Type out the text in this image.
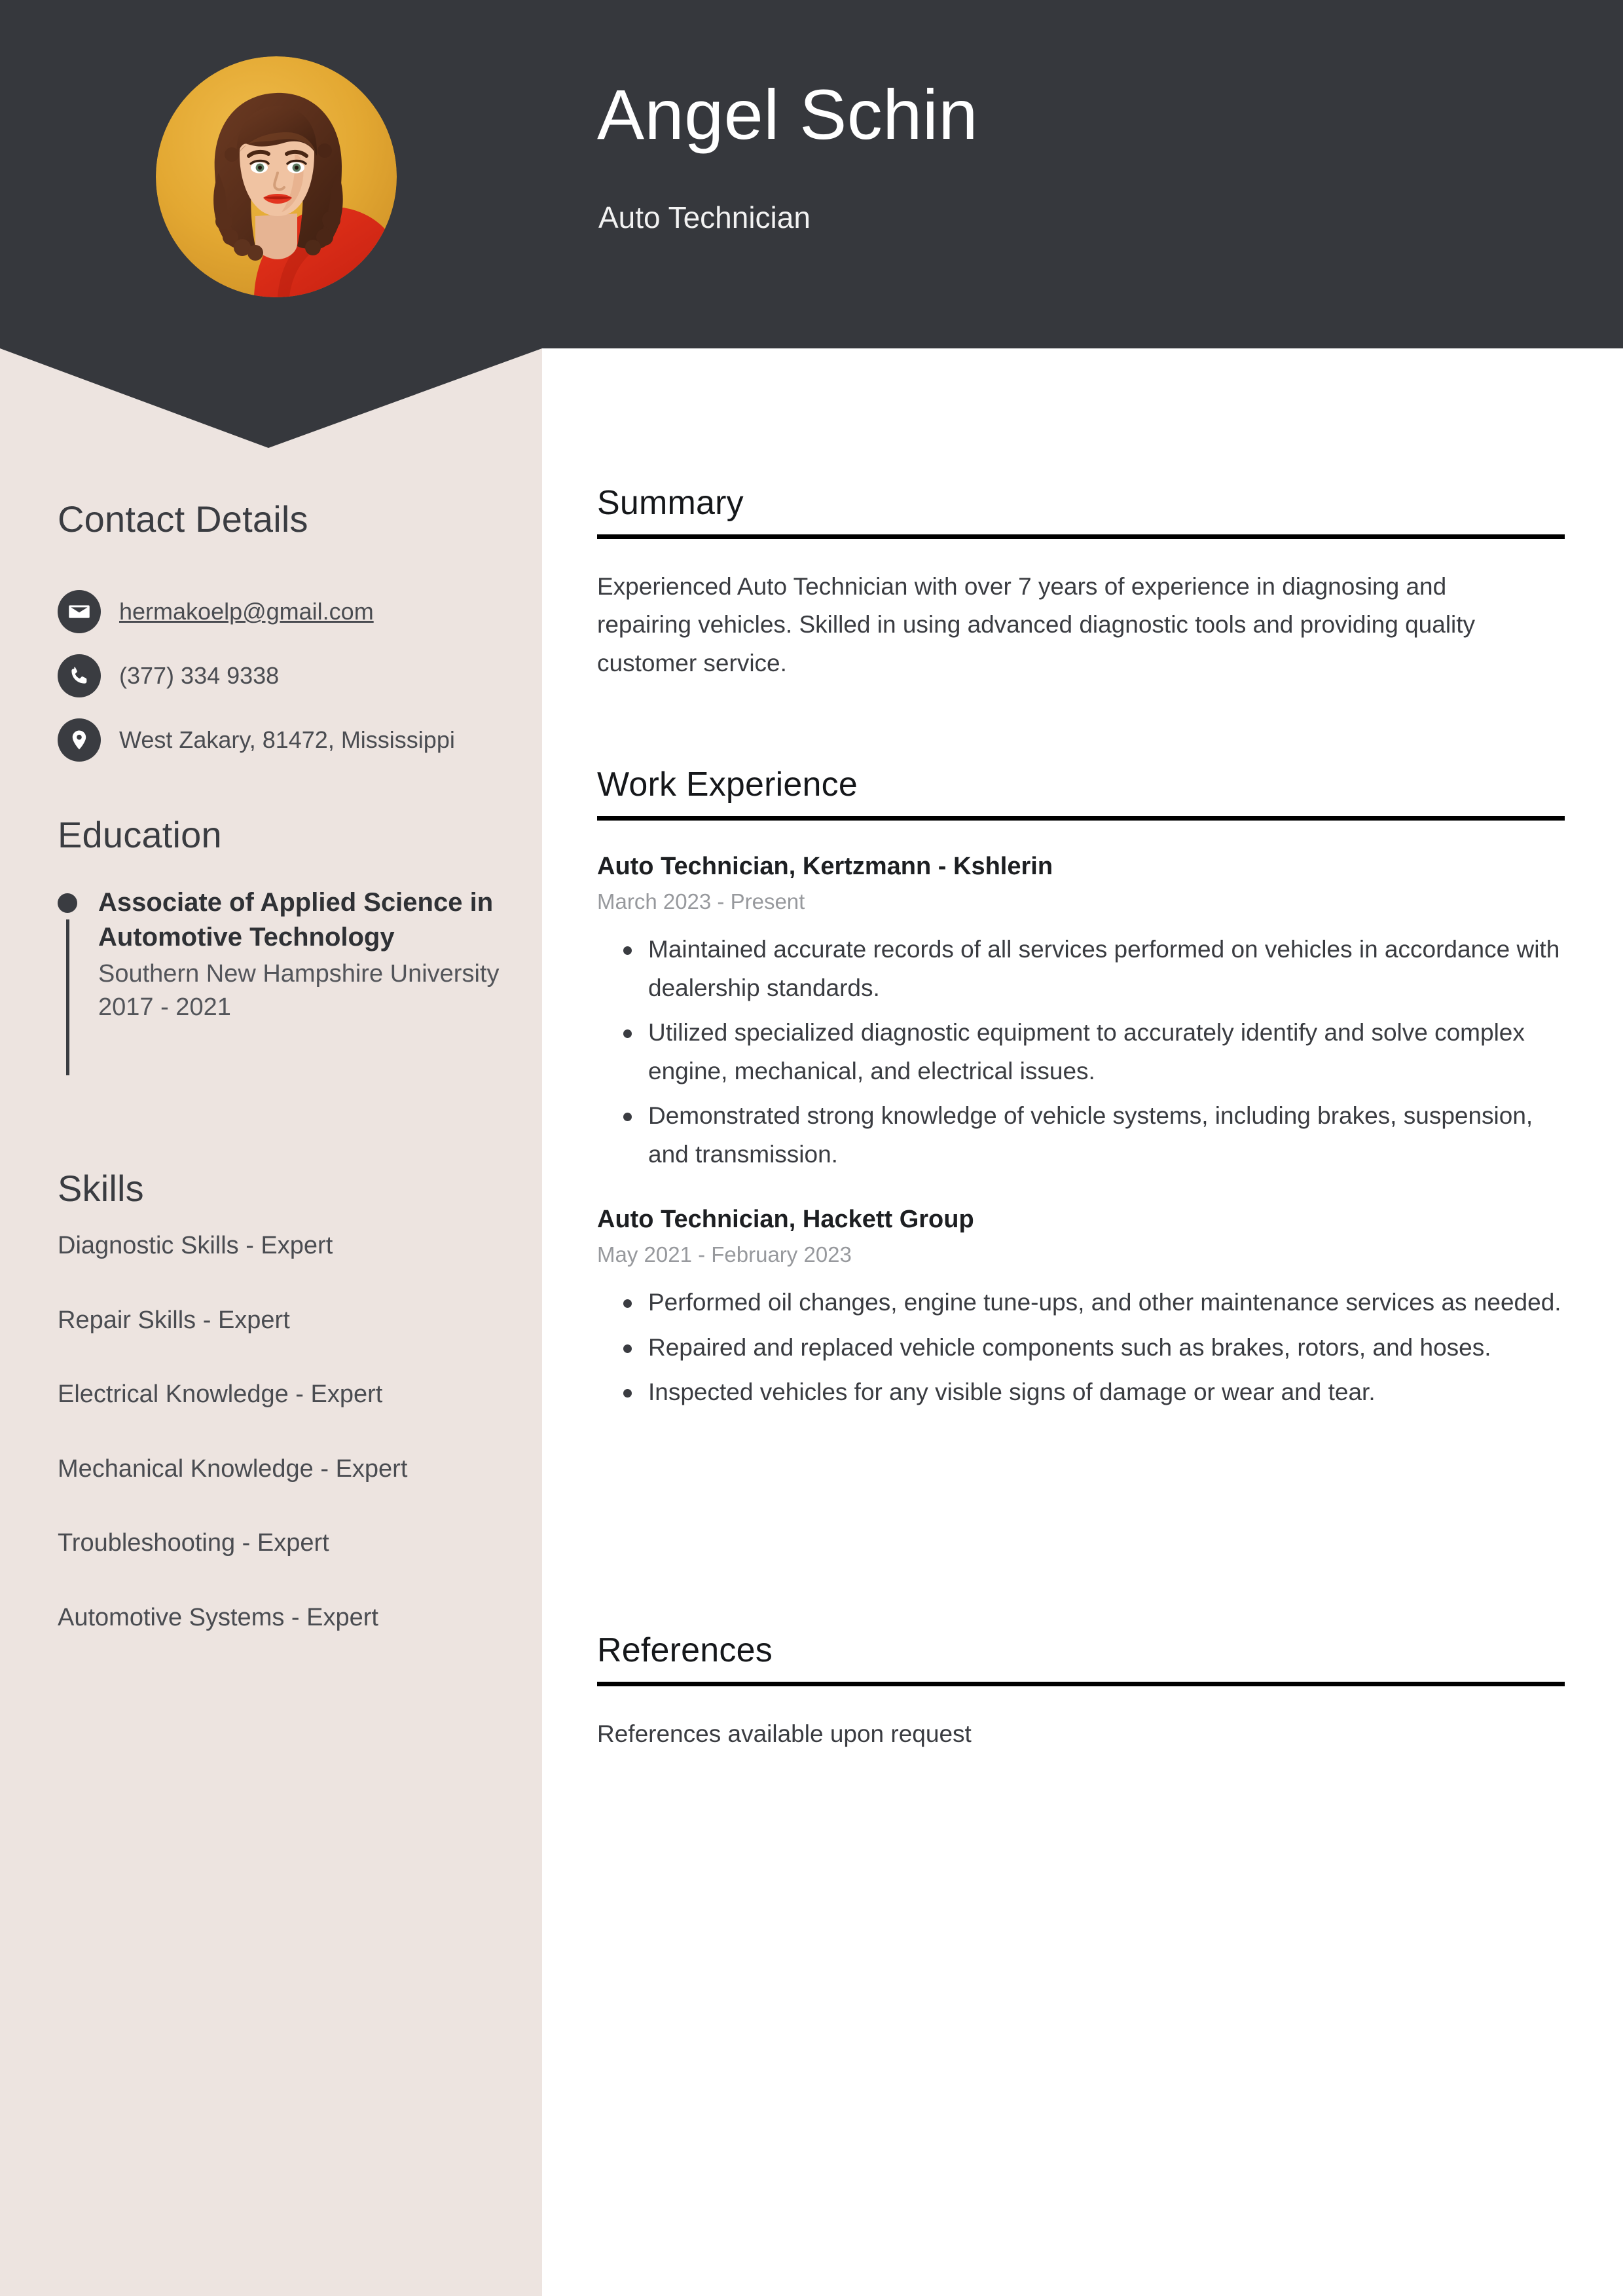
Angel Schin
Auto Technician
Contact Details
hermakoelp@gmail.com
(377) 334 9338
West Zakary, 81472, Mississippi
Education

Associate of Applied Science in Automotive Technology

Southern New Hampshire University

2017 - 2021

Skills
Diagnostic Skills - Expert
Repair Skills - Expert
Electrical Knowledge - Expert
Mechanical Knowledge - Expert
Troubleshooting - Expert
Automotive Systems - Expert
Summary

Experienced Auto Technician with over 7 years of experience in diagnosing and repairing vehicles. Skilled in using advanced diagnostic tools and providing quality customer service.

Work Experience

Auto Technician, Kertzmann - Kshlerin

March 2023 - Present

Maintained accurate records of all services performed on vehicles in accordance with dealership standards.
Utilized specialized diagnostic equipment to accurately identify and solve complex engine, mechanical, and electrical issues.
Demonstrated strong knowledge of vehicle systems, including brakes, suspension, and transmission.

Auto Technician, Hackett Group

May 2021 - February 2023

Performed oil changes, engine tune-ups, and other maintenance services as needed.
Repaired and replaced vehicle components such as brakes, rotors, and hoses.
Inspected vehicles for any visible signs of damage or wear and tear.
References

References available upon request
